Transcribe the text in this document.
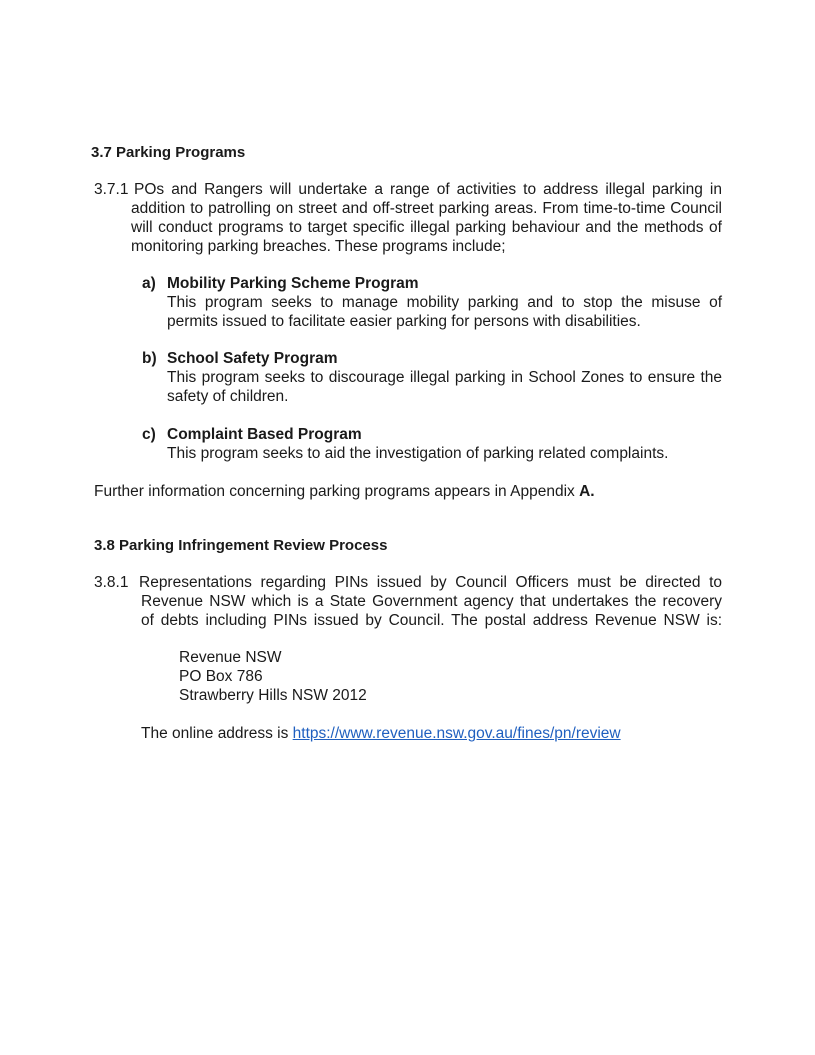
3.7 Parking Programs
3.7.1 POs and Rangers will undertake a range of activities to address illegal parking in
addition to patrolling on street and off-street parking areas. From time-to-time Council
will conduct programs to target specific illegal parking behaviour and the methods of
monitoring parking breaches. These programs include;
a) Mobility Parking Scheme Program
This program seeks to manage mobility parking and to stop the misuse of
permits issued to facilitate easier parking for persons with disabilities.
b) School Safety Program
This program seeks to discourage illegal parking in School Zones to ensure the
safety of children.
c) Complaint Based Program
This program seeks to aid the investigation of parking related complaints.
Further information concerning parking programs appears in Appendix A.
3.8 Parking Infringement Review Process
3.8.1 Representations regarding PINs issued by Council Officers must be directed to
Revenue NSW which is a State Government agency that undertakes the recovery
of debts including PINs issued by Council. The postal address Revenue NSW is:
Revenue NSW
PO Box 786
Strawberry Hills NSW 2012
The online address is https://www.revenue.nsw.gov.au/fines/pn/review
